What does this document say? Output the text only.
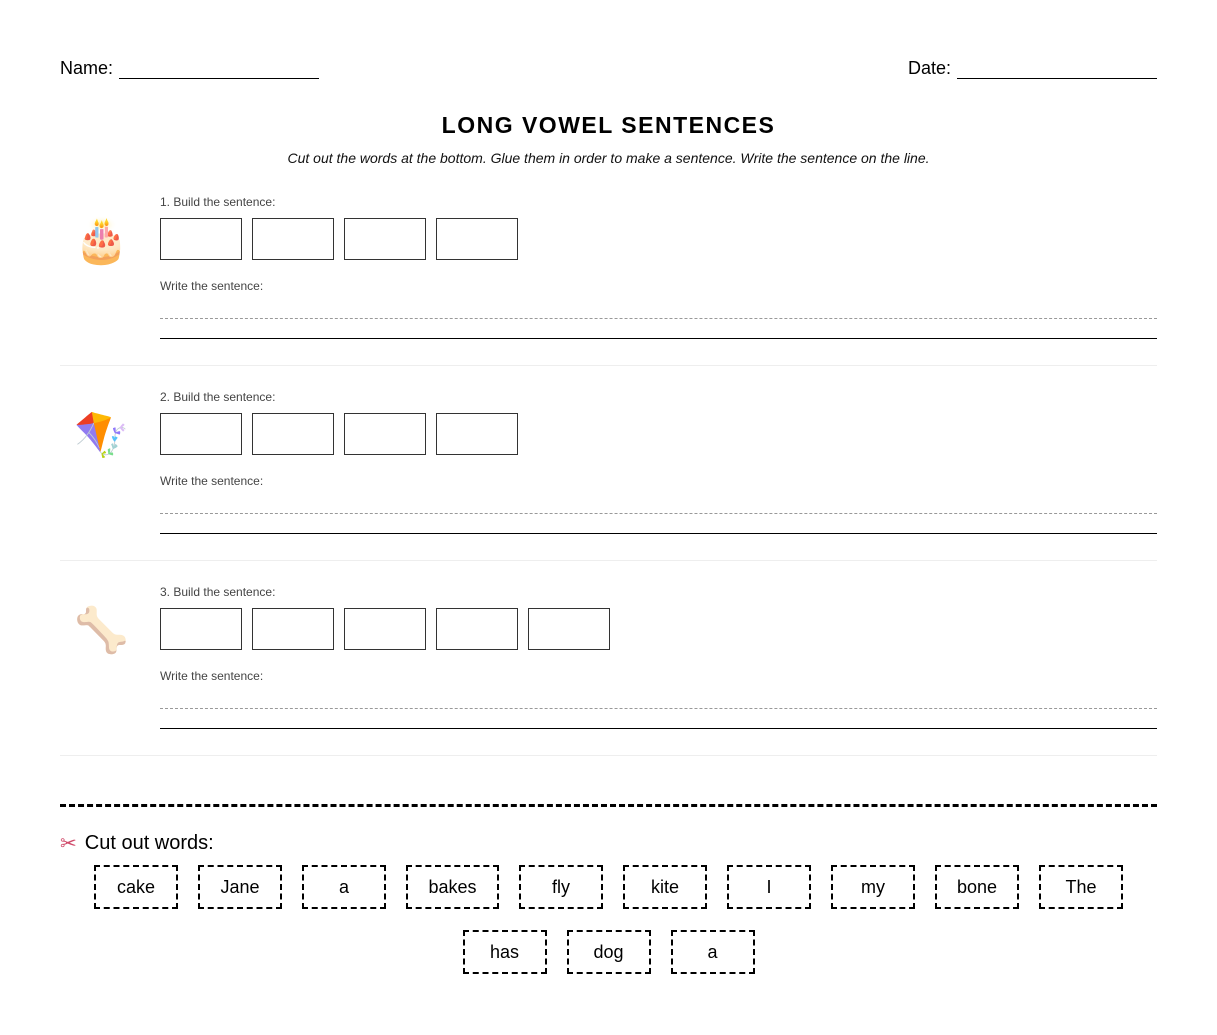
Name:	Date:
LONG VOWEL SENTENCES
Cut out the words at the bottom. Glue them in order to make a sentence. Write the sentence on the line.
🎂
1. Build the sentence:
Write the sentence:
🪁
2. Build the sentence:
Write the sentence:
🦴
3. Build the sentence:
Write the sentence:
✂ Cut out words:
cake	Jane	a	bakes	fly	kite	I	my	bone	The
has	dog	a
